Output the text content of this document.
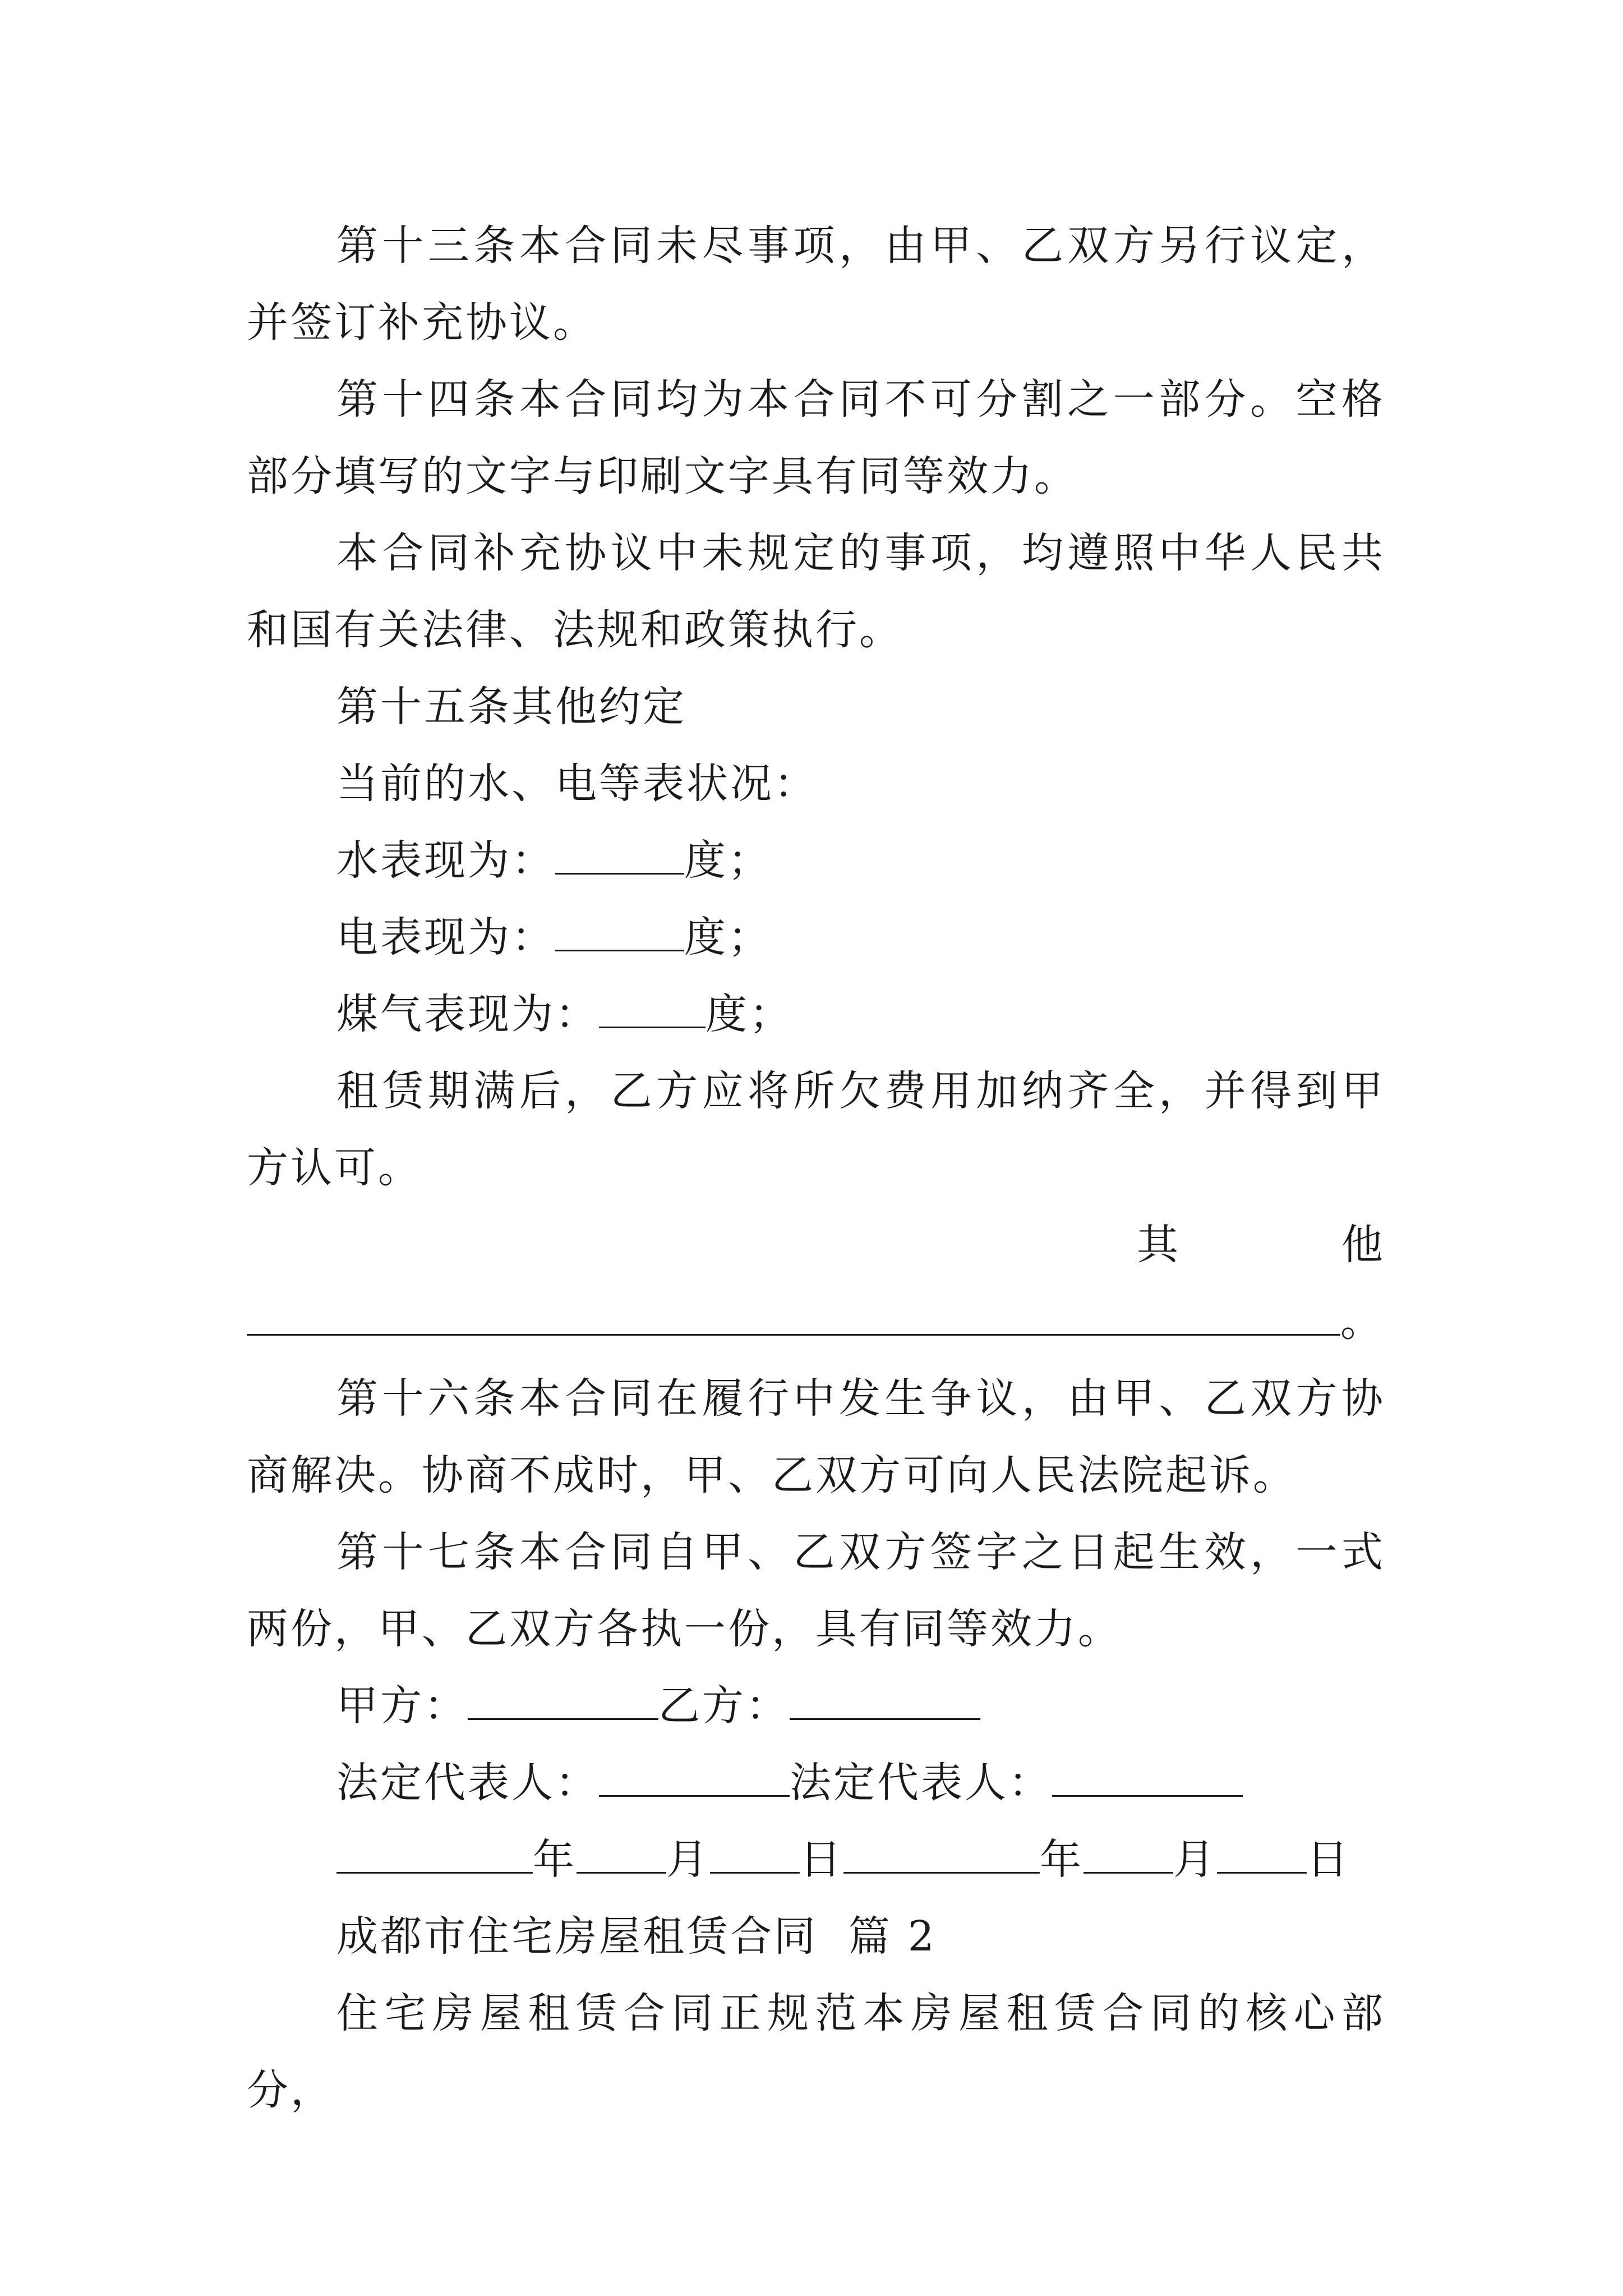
第十三条本合同未尽事项，由甲、乙双方另行议定，并签订补充协议。

第十四条本合同均为本合同不可分割之一部分。空格部分填写的文字与印刷文字具有同等效力。

本合同补充协议中未规定的事项，均遵照中华人民共和国有关法律、法规和政策执行。

第十五条其他约定

当前的水、电等表状况：

水表现为：	度；

电表现为：	度；

煤气表现为：	度；

租赁期满后，乙方应将所欠费用加纳齐全，并得到甲方认可。

其	他
。

第十六条本合同在履行中发生争议，由甲、乙双方协商解决。协商不成时，甲、乙双方可向人民法院起诉。

第十七条本合同自甲、乙双方签字之日起生效，一式两份，甲、乙双方各执一份，具有同等效力。

甲方：	乙方：

法定代表人：	法定代表人：

年 月 日	年 月 日

成都市住宅房屋租赁合同  篇 2

住宅房屋租赁合同正规范本房屋租赁合同的核心部分，
